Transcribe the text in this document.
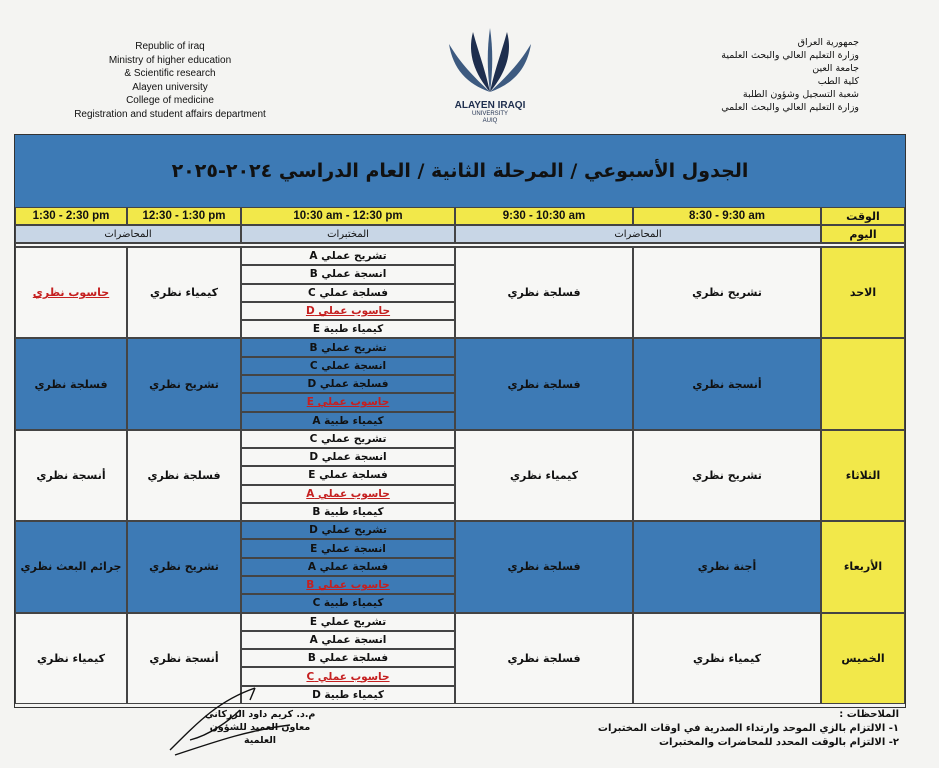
Republic of iraq
Ministry of higher education
& Scientific research
Alayen university
College of medicine
Registration and student affairs department
ALAYEN IRAQI
UNIVERSITY
AUIQ
جمهورية العراق
وزارة التعليم العالي والبحث العلمية
جامعة العين
كلية الطب
شعبة التسجيل وشؤون الطلبة
وزارة التعليم العالي والبحث العلمي
الجدول الأسبوعي / المرحلة الثانية / العام الدراسي ٢٠٢٤-٢٠٢٥
الوقت
8:30 - 9:30 am
9:30 - 10:30 am
10:30 am - 12:30 pm
12:30 - 1:30 pm
1:30 - 2:30 pm
اليوم
المحاضرات
المختبرات
المحاضرات
الاحد
تشريح نظري
فسلجة نظري
كيمياء نظري
حاسوب نظري
تشريح عملي A
انسجة عملي B
فسلجة عملي C
حاسوب عملي D
كيمياء طبية E
أنسجة نظري
فسلجة نظري
تشريح نظري
فسلجة نظري
تشريح عملي B
انسجة عملي C
فسلجة عملي D
حاسوب عملي E
كيمياء طبية A
الثلاثاء
تشريح نظري
كيمياء نظري
فسلجة نظري
أنسجة نظري
تشريح عملي C
انسجة عملي D
فسلجة عملي E
حاسوب عملي A
كيمياء طبية B
الأربعاء
أجنة نظري
فسلجة نظري
تشريح نظري
جرائم البعث نظري
تشريح عملي D
انسجة عملي E
فسلجة عملي A
حاسوب عملي B
كيمياء طبية C
الخميس
كيمياء نظري
فسلجة نظري
أنسجة نظري
كيمياء نظري
تشريح عملي E
انسجة عملي A
فسلجة عملي B
حاسوب عملي C
كيمياء طبية D
الملاحظات :
١- الالتزام بالزي الموحد وارتداء الصدرية في اوقات المختبرات
٢- الالتزام بالوقت المحدد للمحاضرات والمختبرات
م.د. كريم داود الزركاني
معاون العميد للشؤون العلمية
